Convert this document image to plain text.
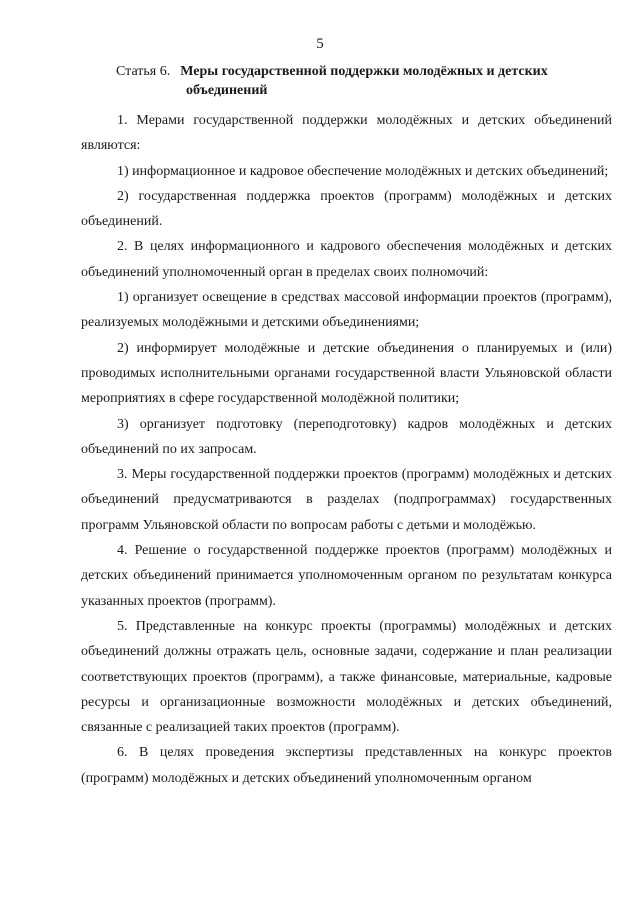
5
Статья 6. Меры государственной поддержки молодёжных и детских
объединений

1. Мерами государственной поддержки молодёжных и детских объединений являются:

1) информационное и кадровое обеспечение молодёжных и детских объединений;

2) государственная поддержка проектов (программ) молодёжных и детских объединений.

2. В целях информационного и кадрового обеспечения молодёжных и детских объединений уполномоченный орган в пределах своих полномочий:

1) организует освещение в средствах массовой информации проектов (программ), реализуемых молодёжными и детскими объединениями;

2) информирует молодёжные и детские объединения о планируемых и (или) проводимых исполнительными органами государственной власти Ульяновской области мероприятиях в сфере государственной молодёжной политики;

3) организует подготовку (переподготовку) кадров молодёжных и детских объединений по их запросам.

3. Меры государственной поддержки проектов (программ) молодёжных и детских объединений предусматриваются в разделах (подпрограммах) государственных программ Ульяновской области по вопросам работы с детьми и молодёжью.

4. Решение о государственной поддержке проектов (программ) молодёжных и детских объединений принимается уполномоченным органом по результатам конкурса указанных проектов (программ).

5. Представленные на конкурс проекты (программы) молодёжных и детских объединений должны отражать цель, основные задачи, содержание и план реализации соответствующих проектов (программ), а также финансовые, материальные, кадровые ресурсы и организационные возможности молодёжных и детских объединений, связанные с реализацией таких проектов (программ).

6. В целях проведения экспертизы представленных на конкурс проектов (программ) молодёжных и детских объединений уполномоченным органом
